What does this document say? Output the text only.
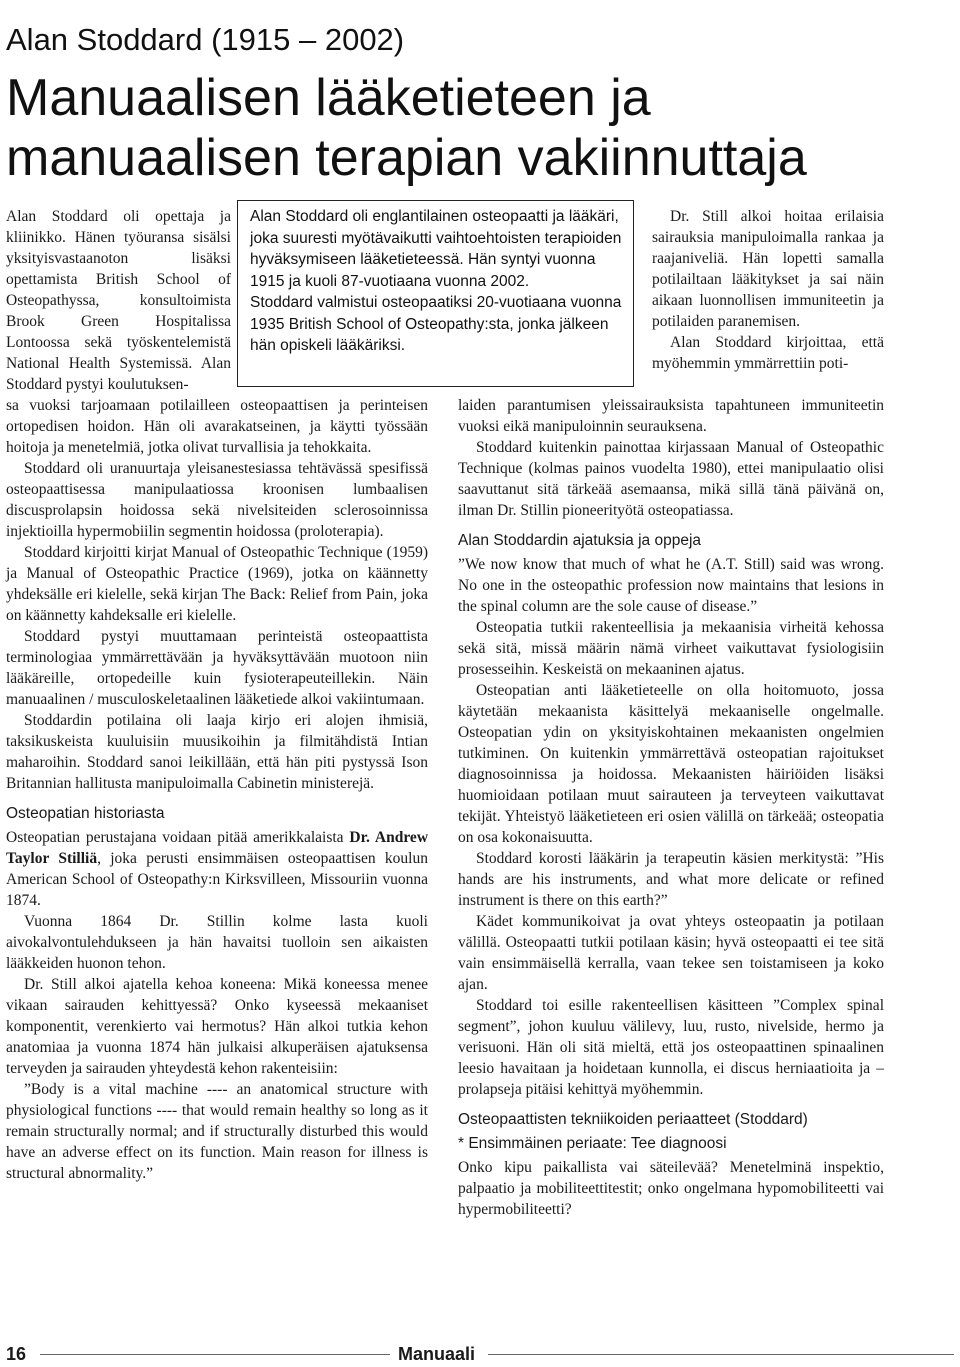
Alan Stoddard (1915 – 2002)
Manuaalisen lääketieteen ja
manuaalisen terapian vakiinnuttaja

Alan Stoddard oli opettaja ja kliinikko. Hänen työuransa sisälsi yksityisvastaanoton lisäksi opettamista British School of Osteopathyssa, konsultoimista Brook Green Hospitalissa Lontoossa sekä työskentelemistä National Health Systemissä. Alan Stoddard pystyi koulutuksen-

Alan Stoddard oli englantilainen osteopaatti ja lääkäri, joka suuresti myötävaikutti vaihtoehtoisten terapioiden hyväksymiseen lääketieteessä. Hän syntyi vuonna 1915 ja kuoli 87-vuotiaana vuonna 2002.

Stoddard valmistui osteopaatiksi 20-vuotiaana vuonna 1935 British School of Osteopathy:sta, jonka jälkeen hän opiskeli lääkäriksi.

sa vuoksi tarjoamaan potilailleen osteopaattisen ja perinteisen ortopedisen hoidon. Hän oli avarakatseinen, ja käytti työssään hoitoja ja menetelmiä, jotka olivat turvallisia ja tehokkaita.

Stoddard oli uranuurtaja yleisanestesiassa tehtävässä spesifissä osteopaattisessa manipulaatiossa kroonisen lumbaalisen discusprolapsin hoidossa sekä nivelsiteiden sclerosoinnissa injektioilla hypermobiilin segmentin hoidossa (proloterapia).

Stoddard kirjoitti kirjat Manual of Osteopathic Technique (1959) ja Manual of Osteopathic Practice (1969), jotka on käännetty yhdeksälle eri kielelle, sekä kirjan The Back: Relief from Pain, joka on käännetty kahdeksalle eri kielelle.

Stoddard pystyi muuttamaan perinteistä osteopaattista terminologiaa ymmärrettävään ja hyväksyttävään muotoon niin lääkäreille, ortopedeille kuin fysioterapeuteillekin. Näin manuaalinen / musculoskeletaalinen lääketiede alkoi vakiintumaan.

Stoddardin potilaina oli laaja kirjo eri alojen ihmisiä, taksikuskeista kuuluisiin muusikoihin ja filmitähdistä Intian maharoihin. Stoddard sanoi leikillään, että hän piti pystyssä Ison Britannian hallitusta manipuloimalla Cabinetin ministerejä.

Osteopatian historiasta

Osteopatian perustajana voidaan pitää amerikkalaista Dr. Andrew Taylor Stilliä, joka perusti ensimmäisen osteopaattisen koulun American School of Osteopathy:n Kirksvilleen, Missouriin vuonna 1874.

Vuonna 1864 Dr. Stillin kolme lasta kuoli aivokalvontulehdukseen ja hän havaitsi tuolloin sen aikaisten lääkkeiden huonon tehon.

Dr. Still alkoi ajatella kehoa koneena: Mikä koneessa menee vikaan sairauden kehittyessä? Onko kyseessä mekaaniset komponentit, verenkierto vai hermotus? Hän alkoi tutkia kehon anatomiaa ja vuonna 1874 hän julkaisi alkuperäisen ajatuksensa terveyden ja sairauden yhteydestä kehon rakenteisiin:

”Body is a vital machine ---- an anatomical structure with physiological functions ---- that would remain healthy so long as it remain structurally normal; and if structurally disturbed this would have an adverse effect on its function. Main reason for illness is structural abnormality.”

Dr. Still alkoi hoitaa erilaisia sairauksia manipuloimalla rankaa ja raajaniveliä. Hän lopetti samalla potilailtaan lääkitykset ja sai näin aikaan luonnollisen immuniteetin ja potilaiden paranemisen.

Alan Stoddard kirjoittaa, että myöhemmin ymmärrettiin poti-

laiden parantumisen yleissairauksista tapahtuneen immuniteetin vuoksi eikä manipuloinnin seurauksena.

Stoddard kuitenkin painottaa kirjassaan Manual of Osteopathic Technique (kolmas painos vuodelta 1980), ettei manipulaatio olisi saavuttanut sitä tärkeää asemaansa, mikä sillä tänä päivänä on, ilman Dr. Stillin pioneerityötä osteopatiassa.

Alan Stoddardin ajatuksia ja oppeja

”We now know that much of what he (A.T. Still) said was wrong. No one in the osteopathic profession now maintains that lesions in the spinal column are the sole cause of disease.”

Osteopatia tutkii rakenteellisia ja mekaanisia virheitä kehossa sekä sitä, missä määrin nämä virheet vaikuttavat fysiologisiin prosesseihin. Keskeistä on mekaaninen ajatus.

Osteopatian anti lääketieteelle on olla hoitomuoto, jossa käytetään mekaanista käsittelyä mekaaniselle ongelmalle. Osteopatian ydin on yksityiskohtainen mekaanisten ongelmien tutkiminen. On kuitenkin ymmärrettävä osteopatian rajoitukset diagnosoinnissa ja hoidossa. Mekaanisten häiriöiden lisäksi huomioidaan potilaan muut sairauteen ja terveyteen vaikuttavat tekijät. Yhteistyö lääketieteen eri osien välillä on tärkeää; osteopatia on osa kokonaisuutta.

Stoddard korosti lääkärin ja terapeutin käsien merkitystä: ”His hands are his instruments, and what more delicate or refined instrument is there on this earth?”

Kädet kommunikoivat ja ovat yhteys osteopaatin ja potilaan välillä. Osteopaatti tutkii potilaan käsin; hyvä osteopaatti ei tee sitä vain ensimmäisellä kerralla, vaan tekee sen toistamiseen ja koko ajan.

Stoddard toi esille rakenteellisen käsitteen ”Complex spinal segment”, johon kuuluu välilevy, luu, rusto, nivelside, hermo ja verisuoni. Hän oli sitä mieltä, että jos osteopaattinen spinaalinen leesio havaitaan ja hoidetaan kunnolla, ei discus herniaatioita ja – prolapseja pitäisi kehittyä myöhemmin.

Osteopaattisten tekniikoiden periaatteet (Stoddard)

* Ensimmäinen periaate: Tee diagnoosi

Onko kipu paikallista vai säteilevää? Menetelminä inspektio, palpaatio ja mobiliteettitestit; onko ongelmana hypomobiliteetti vai hypermobiliteetti?

16	Manuaali
